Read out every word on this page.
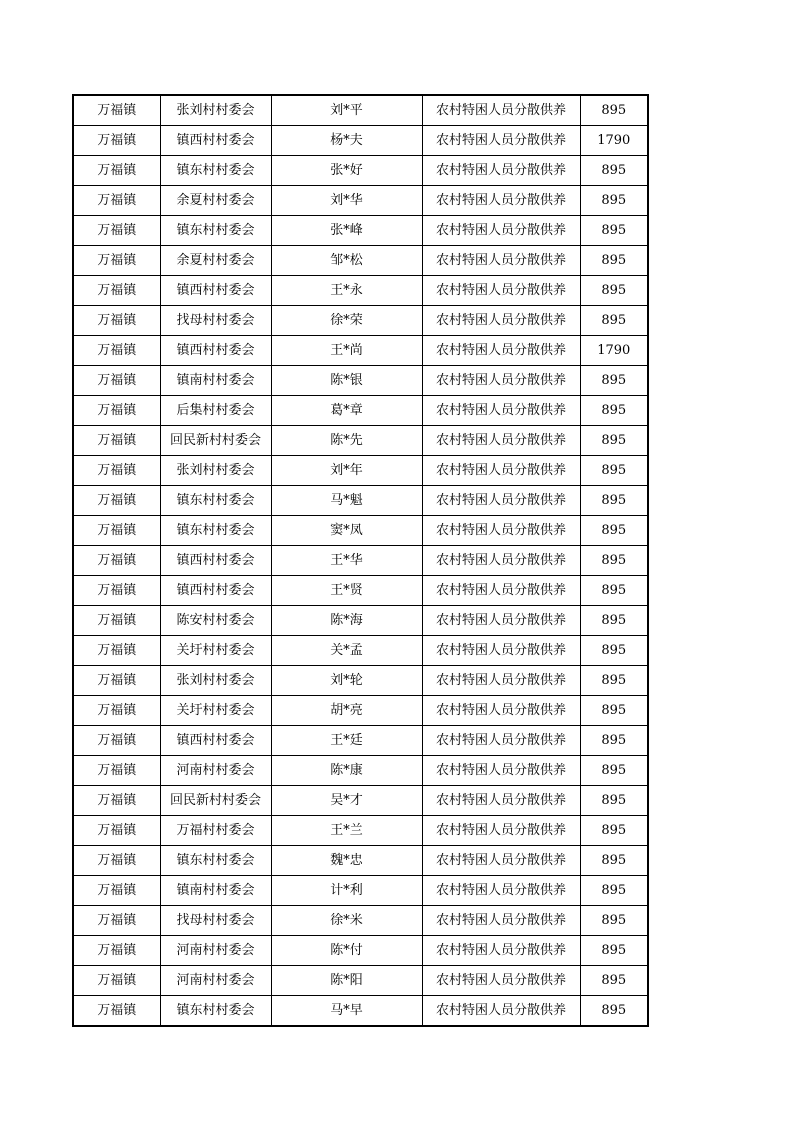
万福镇	张刘村村委会	刘*平	农村特困人员分散供养	895
万福镇	镇西村村委会	杨*夫	农村特困人员分散供养	1790
万福镇	镇东村村委会	张*好	农村特困人员分散供养	895
万福镇	余夏村村委会	刘*华	农村特困人员分散供养	895
万福镇	镇东村村委会	张*峰	农村特困人员分散供养	895
万福镇	余夏村村委会	邹*松	农村特困人员分散供养	895
万福镇	镇西村村委会	王*永	农村特困人员分散供养	895
万福镇	找母村村委会	徐*荣	农村特困人员分散供养	895
万福镇	镇西村村委会	王*尚	农村特困人员分散供养	1790
万福镇	镇南村村委会	陈*银	农村特困人员分散供养	895
万福镇	后集村村委会	葛*章	农村特困人员分散供养	895
万福镇	回民新村村委会	陈*先	农村特困人员分散供养	895
万福镇	张刘村村委会	刘*年	农村特困人员分散供养	895
万福镇	镇东村村委会	马*魁	农村特困人员分散供养	895
万福镇	镇东村村委会	窦*凤	农村特困人员分散供养	895
万福镇	镇西村村委会	王*华	农村特困人员分散供养	895
万福镇	镇西村村委会	王*贤	农村特困人员分散供养	895
万福镇	陈安村村委会	陈*海	农村特困人员分散供养	895
万福镇	关圩村村委会	关*孟	农村特困人员分散供养	895
万福镇	张刘村村委会	刘*轮	农村特困人员分散供养	895
万福镇	关圩村村委会	胡*亮	农村特困人员分散供养	895
万福镇	镇西村村委会	王*廷	农村特困人员分散供养	895
万福镇	河南村村委会	陈*康	农村特困人员分散供养	895
万福镇	回民新村村委会	吴*才	农村特困人员分散供养	895
万福镇	万福村村委会	王*兰	农村特困人员分散供养	895
万福镇	镇东村村委会	魏*忠	农村特困人员分散供养	895
万福镇	镇南村村委会	计*利	农村特困人员分散供养	895
万福镇	找母村村委会	徐*米	农村特困人员分散供养	895
万福镇	河南村村委会	陈*付	农村特困人员分散供养	895
万福镇	河南村村委会	陈*阳	农村特困人员分散供养	895
万福镇	镇东村村委会	马*早	农村特困人员分散供养	895
